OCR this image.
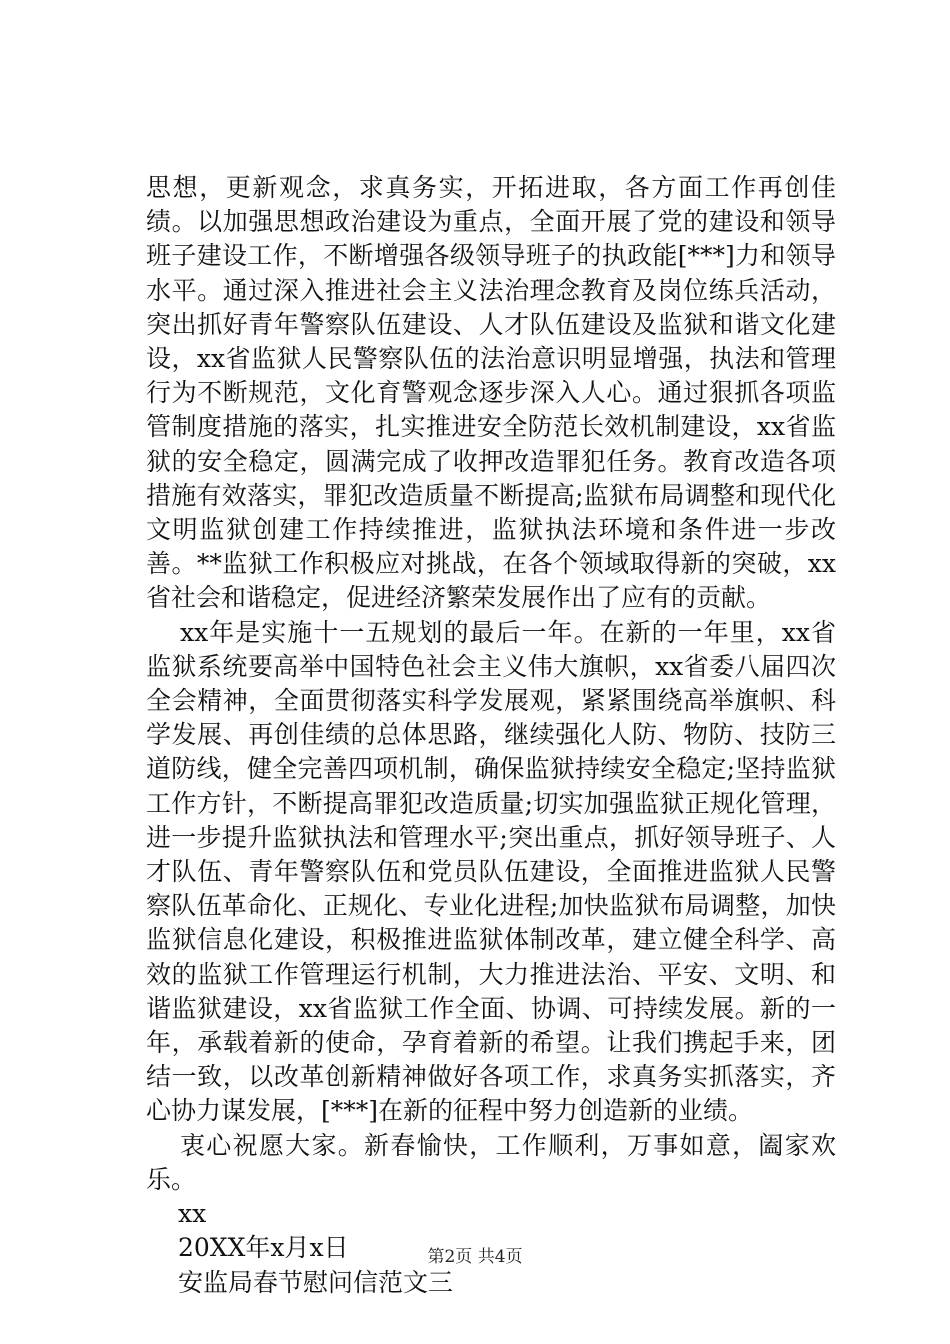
思想，更新观念，求真务实，开拓进取，各方面工作再创佳绩。以加强思想政治建设为重点，全面开展了党的建设和领导班子建设工作，不断增强各级领导班子的执政能[***]力和领导水平。通过深入推进社会主义法治理念教育及岗位练兵活动，突出抓好青年警察队伍建设、人才队伍建设及监狱和谐文化建设，xx省监狱人民警察队伍的法治意识明显增强，执法和管理行为不断规范，文化育警观念逐步深入人心。通过狠抓各项监管制度措施的落实，扎实推进安全防范长效机制建设，xx省监狱的安全稳定，圆满完成了收押改造罪犯任务。教育改造各项措施有效落实，罪犯改造质量不断提高;监狱布局调整和现代化文明监狱创建工作持续推进，监狱执法环境和条件进一步改善。**监狱工作积极应对挑战，在各个领域取得新的突破，xx省社会和谐稳定，促进经济繁荣发展作出了应有的贡献。

xx年是实施十一五规划的最后一年。在新的一年里，xx省监狱系统要高举中国特色社会主义伟大旗帜，xx省委八届四次全会精神，全面贯彻落实科学发展观，紧紧围绕高举旗帜、科学发展、再创佳绩的总体思路，继续强化人防、物防、技防三道防线，健全完善四项机制，确保监狱持续安全稳定;坚持监狱工作方针，不断提高罪犯改造质量;切实加强监狱正规化管理，进一步提升监狱执法和管理水平;突出重点，抓好领导班子、人才队伍、青年警察队伍和党员队伍建设，全面推进监狱人民警察队伍革命化、正规化、专业化进程;加快监狱布局调整，加快监狱信息化建设，积极推进监狱体制改革，建立健全科学、高效的监狱工作管理运行机制，大力推进法治、平安、文明、和谐监狱建设，xx省监狱工作全面、协调、可持续发展。新的一年，承载着新的使命，孕育着新的希望。让我们携起手来，团结一致，以改革创新精神做好各项工作，求真务实抓落实，齐心协力谋发展，[***]在新的征程中努力创造新的业绩。

衷心祝愿大家。新春愉快，工作顺利，万事如意，阖家欢乐。

xx

20XX年x月x日

安监局春节慰问信范文三

第2页 共4页
